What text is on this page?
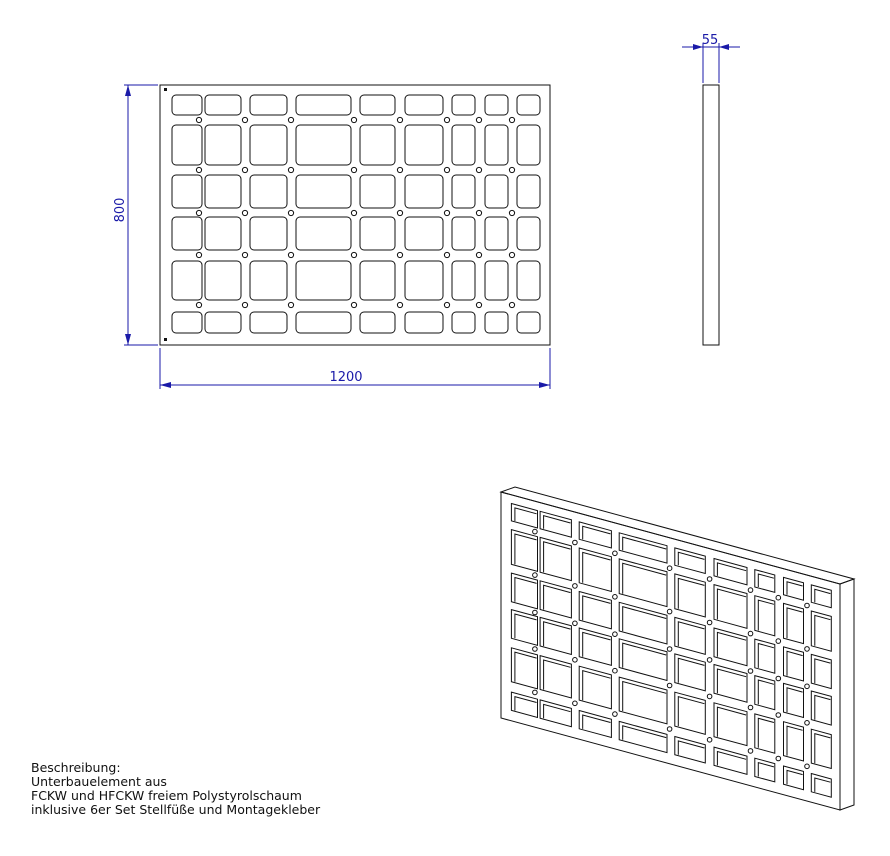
800
1200
55
Beschreibung:
Unterbauelement aus
FCKW und HFCKW freiem Polystyrolschaum
inklusive 6er Set Stellfüße und Montagekleber
